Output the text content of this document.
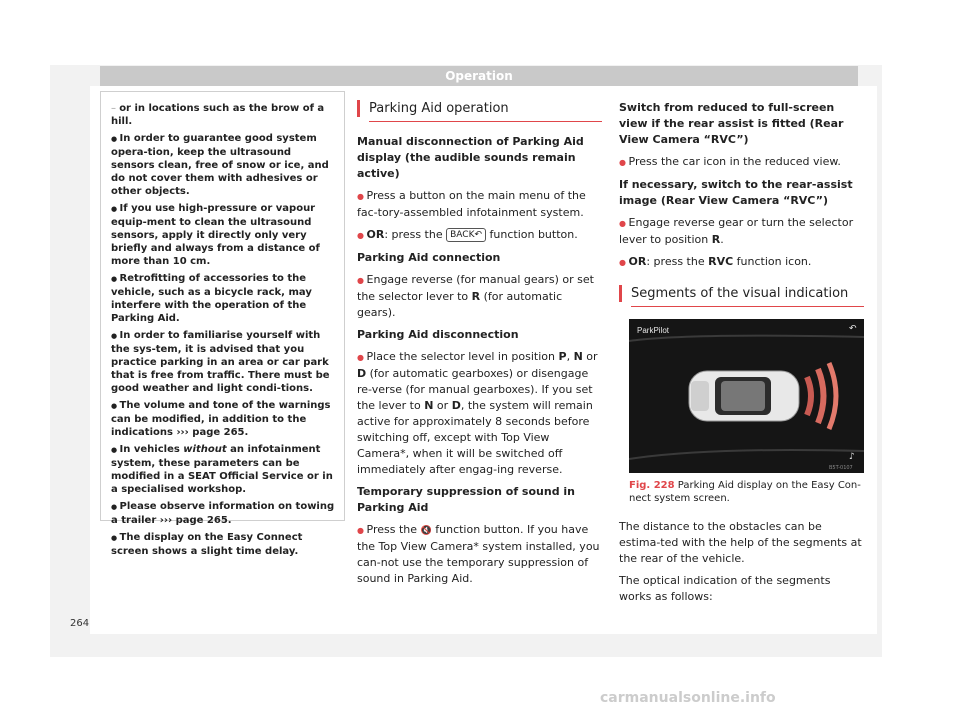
Operation
– or in locations such as the brow of a hill.
● In order to guarantee good system opera-tion, keep the ultrasound sensors clean, free of snow or ice, and do not cover them with adhesives or other objects.
● If you use high-pressure or vapour equip-ment to clean the ultrasound sensors, apply it directly only very briefly and always from a distance of more than 10 cm.
● Retrofitting of accessories to the vehicle, such as a bicycle rack, may interfere with the operation of the Parking Aid.
● In order to familiarise yourself with the sys-tem, it is advised that you practice parking in an area or car park that is free from traffic. There must be good weather and light condi-tions.
● The volume and tone of the warnings can be modified, in addition to the indications ››› page 265.
● In vehicles without an infotainment system, these parameters can be modified in a SEAT Official Service or in a specialised workshop.
● Please observe information on towing a trailer ››› page 265.
● The display on the Easy Connect screen shows a slight time delay.
Parking Aid operation

Manual disconnection of Parking Aid display (the audible sounds remain active)

● Press a button on the main menu of the fac-tory-assembled infotainment system.

● OR: press the BACK↶ function button.

Parking Aid connection

● Engage reverse (for manual gears) or set the selector lever to R (for automatic gears).

Parking Aid disconnection

● Place the selector level in position P, N or D (for automatic gearboxes) or disengage re-verse (for manual gearboxes). If you set the lever to N or D, the system will remain active for approximately 8 seconds before switching off, except with Top View Camera*, when it will be switched off immediately after engag-ing reverse.

Temporary suppression of sound in Parking Aid

● Press the 🔇 function button. If you have the Top View Camera* system installed, you can-not use the temporary suppression of sound in Parking Aid.

Switch from reduced to full-screen view if the rear assist is fitted (Rear View Camera “RVC”)

● Press the car icon in the reduced view.

If necessary, switch to the rear-assist image (Rear View Camera “RVC”)

● Engage reverse gear or turn the selector lever to position R.

● OR: press the RVC function icon.

Segments of the visual indication
ParkPilot	↶
♪
B5T-0107

Fig. 228 Parking Aid display on the Easy Con-nect system screen.

The distance to the obstacles can be estima-ted with the help of the segments at the rear of the vehicle.

The optical indication of the segments works as follows:

264
carmanualsonline.info
